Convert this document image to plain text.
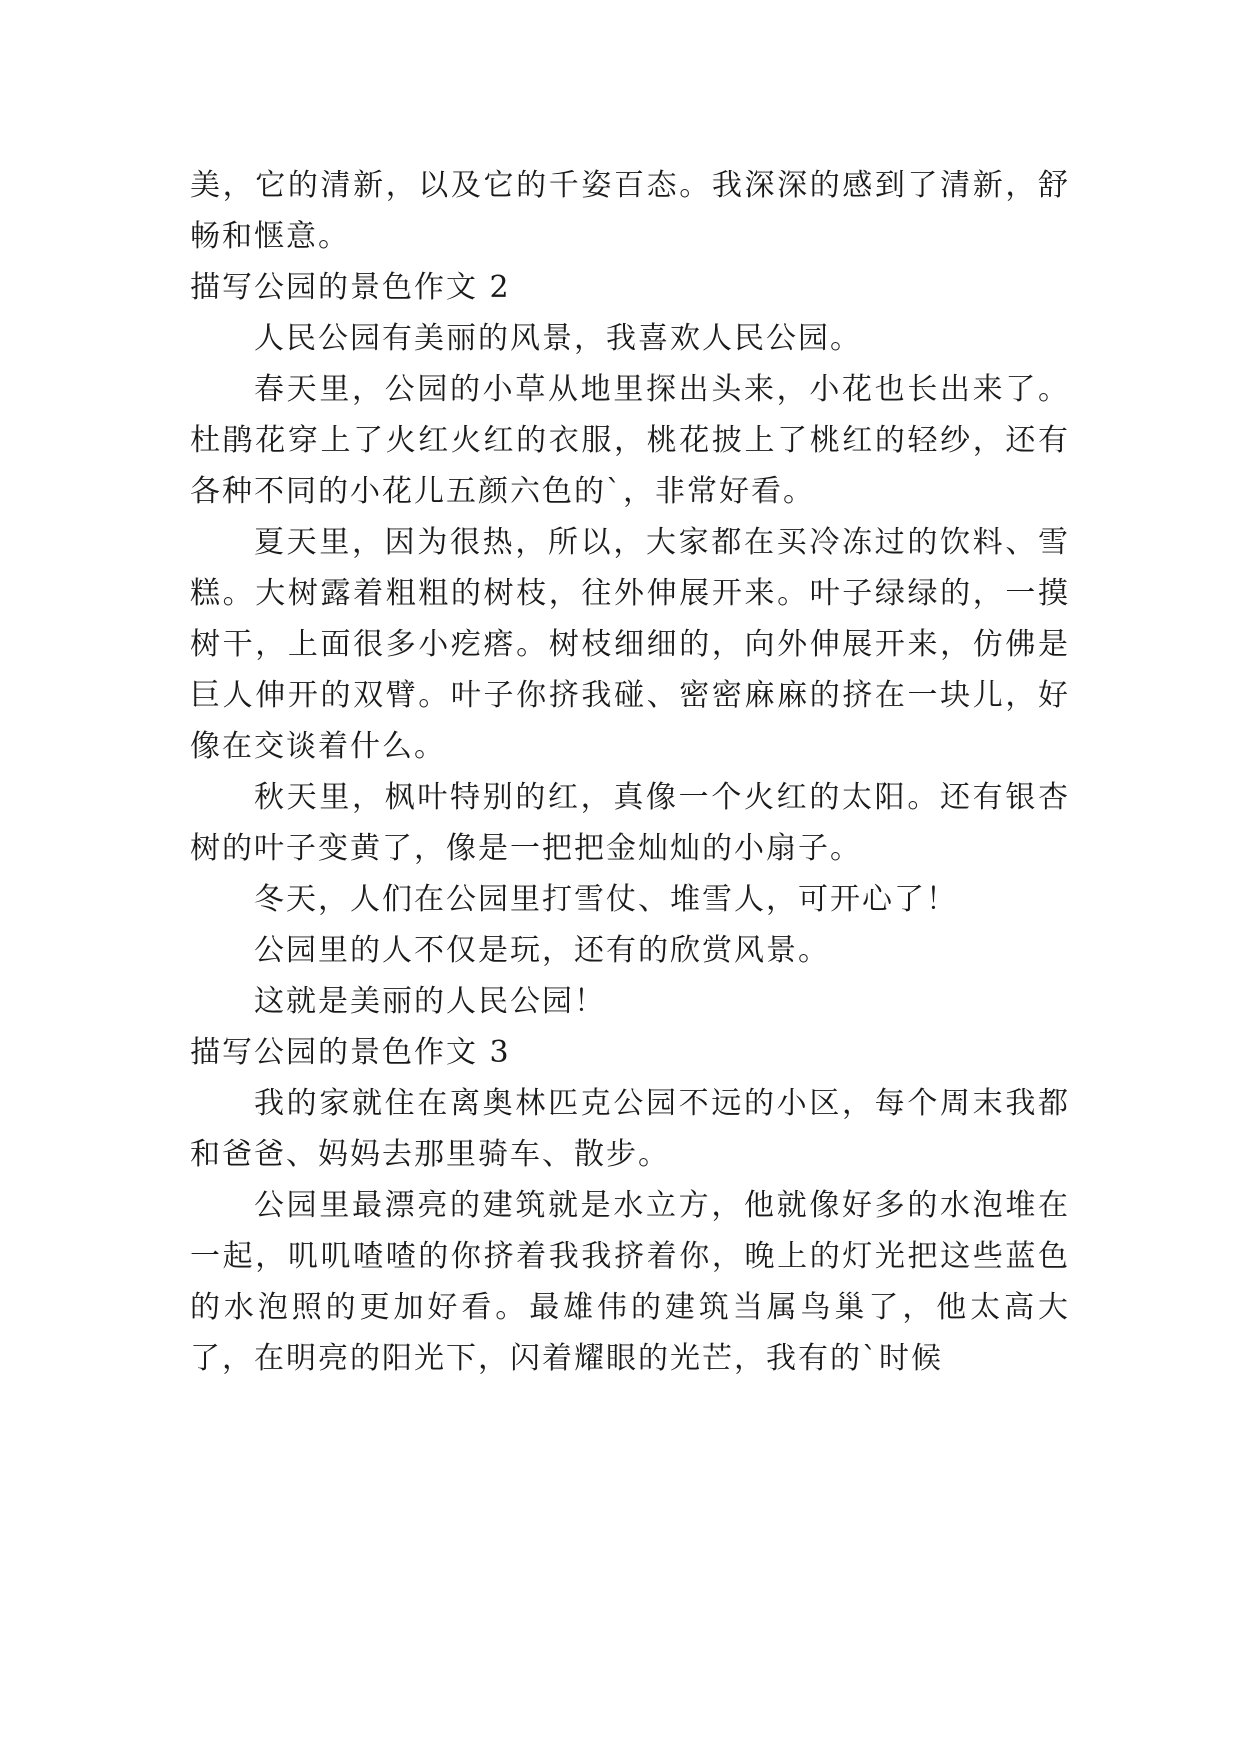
美，它的清新，以及它的千姿百态。我深深的感到了清新，舒畅和惬意。

描写公园的景色作文 2

人民公园有美丽的风景，我喜欢人民公园。

春天里，公园的小草从地里探出头来，小花也长出来了。杜鹃花穿上了火红火红的衣服，桃花披上了桃红的轻纱，还有各种不同的小花儿五颜六色的`，非常好看。

夏天里，因为很热，所以，大家都在买冷冻过的饮料、雪糕。大树露着粗粗的树枝，往外伸展开来。叶子绿绿的，一摸树干，上面很多小疙瘩。树枝细细的，向外伸展开来，仿佛是巨人伸开的双臂。叶子你挤我碰、密密麻麻的挤在一块儿，好像在交谈着什么。

秋天里，枫叶特别的红，真像一个火红的太阳。还有银杏树的叶子变黄了，像是一把把金灿灿的小扇子。

冬天，人们在公园里打雪仗、堆雪人，可开心了！

公园里的人不仅是玩，还有的欣赏风景。

这就是美丽的人民公园！

描写公园的景色作文 3

我的家就住在离奥林匹克公园不远的小区，每个周末我都和爸爸、妈妈去那里骑车、散步。

公园里最漂亮的建筑就是水立方，他就像好多的水泡堆在一起，叽叽喳喳的你挤着我我挤着你，晚上的灯光把这些蓝色的水泡照的更加好看。最雄伟的建筑当属鸟巢了，他太高大了，在明亮的阳光下，闪着耀眼的光芒，我有的`时候
